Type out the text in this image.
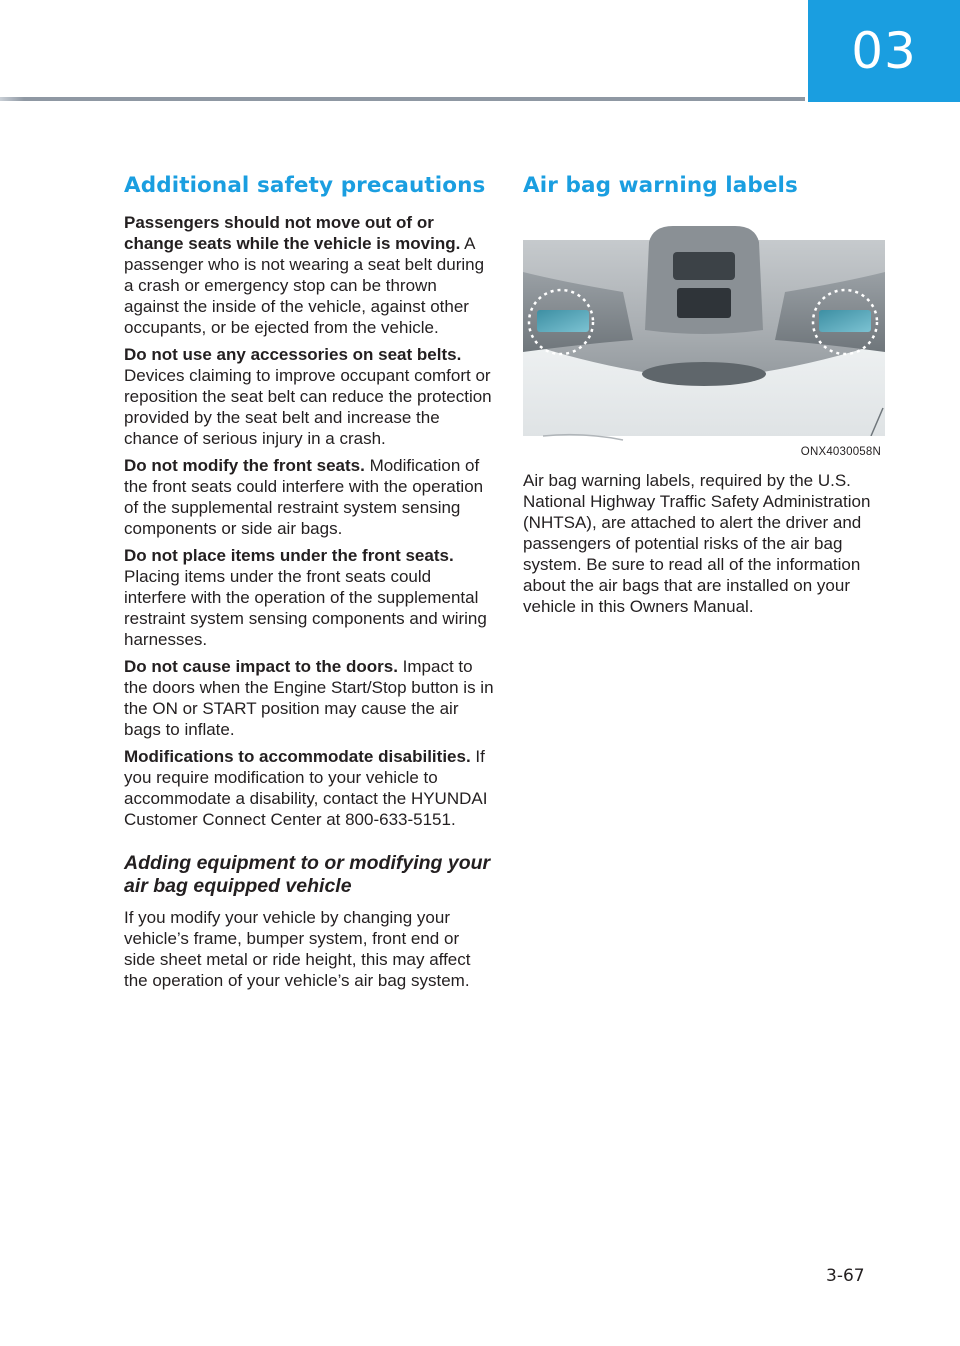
03
Additional safety precautions

Passengers should not move out of or change seats while the vehicle is moving. A passenger who is not wearing a seat belt during a crash or emergency stop can be thrown against the inside of the vehicle, against other occupants, or be ejected from the vehicle.

Do not use any accessories on seat belts. Devices claiming to improve occupant comfort or reposition the seat belt can reduce the protection provided by the seat belt and increase the chance of serious injury in a crash.

Do not modify the front seats. Modification of the front seats could interfere with the operation of the supplemental restraint system sensing components or side air bags.

Do not place items under the front seats. Placing items under the front seats could interfere with the operation of the supplemental restraint system sensing components and wiring harnesses.

Do not cause impact to the doors. Impact to the doors when the Engine Start/Stop button is in the ON or START position may cause the air bags to inflate.

Modifications to accommodate disabilities. If you require modification to your vehicle to accommodate a disability, contact the HYUNDAI Customer Connect Center at 800-633-5151.

Adding equipment to or modifying your air bag equipped vehicle

If you modify your vehicle by changing your vehicle’s frame, bumper system, front end or side sheet metal or ride height, this may affect the operation of your vehicle’s air bag system.

Air bag warning labels
ONX4030058N

Air bag warning labels, required by the U.S. National Highway Traffic Safety Administration (NHTSA), are attached to alert the driver and passengers of potential risks of the air bag system. Be sure to read all of the information about the air bags that are installed on your vehicle in this Owners Manual.

3-67
